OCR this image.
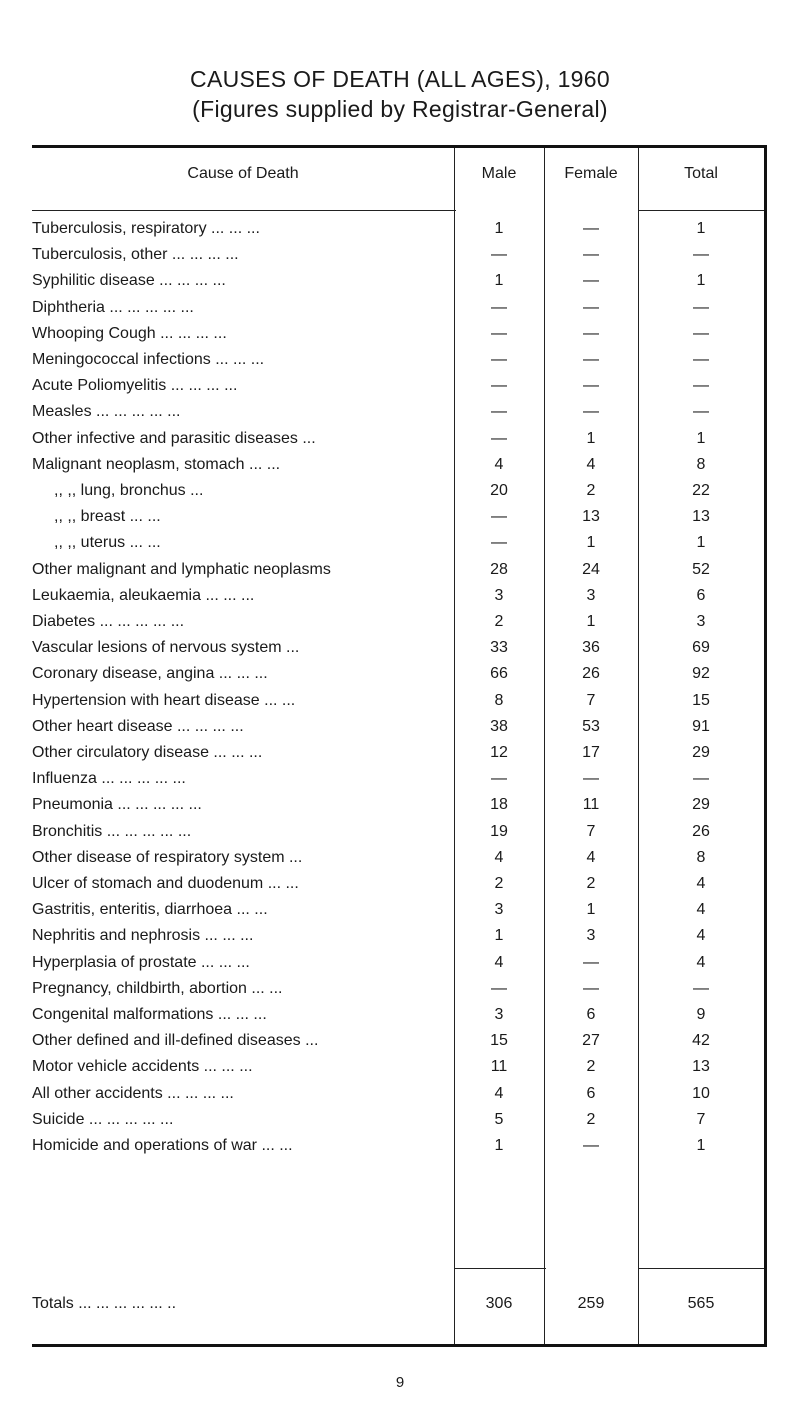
CAUSES OF DEATH (ALL AGES), 1960
(Figures supplied by Registrar-General)
Cause of Death	Male	Female	Total
Tuberculosis, respiratory ... ... ...	1	—	1
Tuberculosis, other ... ... ... ...	—	—	—
Syphilitic disease ... ... ... ...	1	—	1
Diphtheria ... ... ... ... ...	—	—	—
Whooping Cough ... ... ... ...	—	—	—
Meningococcal infections ... ... ...	—	—	—
Acute Poliomyelitis ... ... ... ...	—	—	—
Measles ... ... ... ... ...	—	—	—
Other infective and parasitic diseases ...	—	1	1
Malignant neoplasm, stomach ... ...	4	4	8
,, ,, lung, bronchus ...	20	2	22
,, ,, breast ... ...	—	13	13
,, ,, uterus ... ...	—	1	1
Other malignant and lymphatic neoplasms	28	24	52
Leukaemia, aleukaemia ... ... ...	3	3	6
Diabetes ... ... ... ... ...	2	1	3
Vascular lesions of nervous system ...	33	36	69
Coronary disease, angina ... ... ...	66	26	92
Hypertension with heart disease ... ...	8	7	15
Other heart disease ... ... ... ...	38	53	91
Other circulatory disease ... ... ...	12	17	29
Influenza ... ... ... ... ...	—	—	—
Pneumonia ... ... ... ... ...	18	11	29
Bronchitis ... ... ... ... ...	19	7	26
Other disease of respiratory system ...	4	4	8
Ulcer of stomach and duodenum ... ...	2	2	4
Gastritis, enteritis, diarrhoea ... ...	3	1	4
Nephritis and nephrosis ... ... ...	1	3	4
Hyperplasia of prostate ... ... ...	4	—	4
Pregnancy, childbirth, abortion ... ...	—	—	—
Congenital malformations ... ... ...	3	6	9
Other defined and ill-defined diseases ...	15	27	42
Motor vehicle accidents ... ... ...	11	2	13
All other accidents ... ... ... ...	4	6	10
Suicide ... ... ... ... ...	5	2	7
Homicide and operations of war ... ...	1	—	1
Totals ... ... ... ... ... ..	306	259	565
9
